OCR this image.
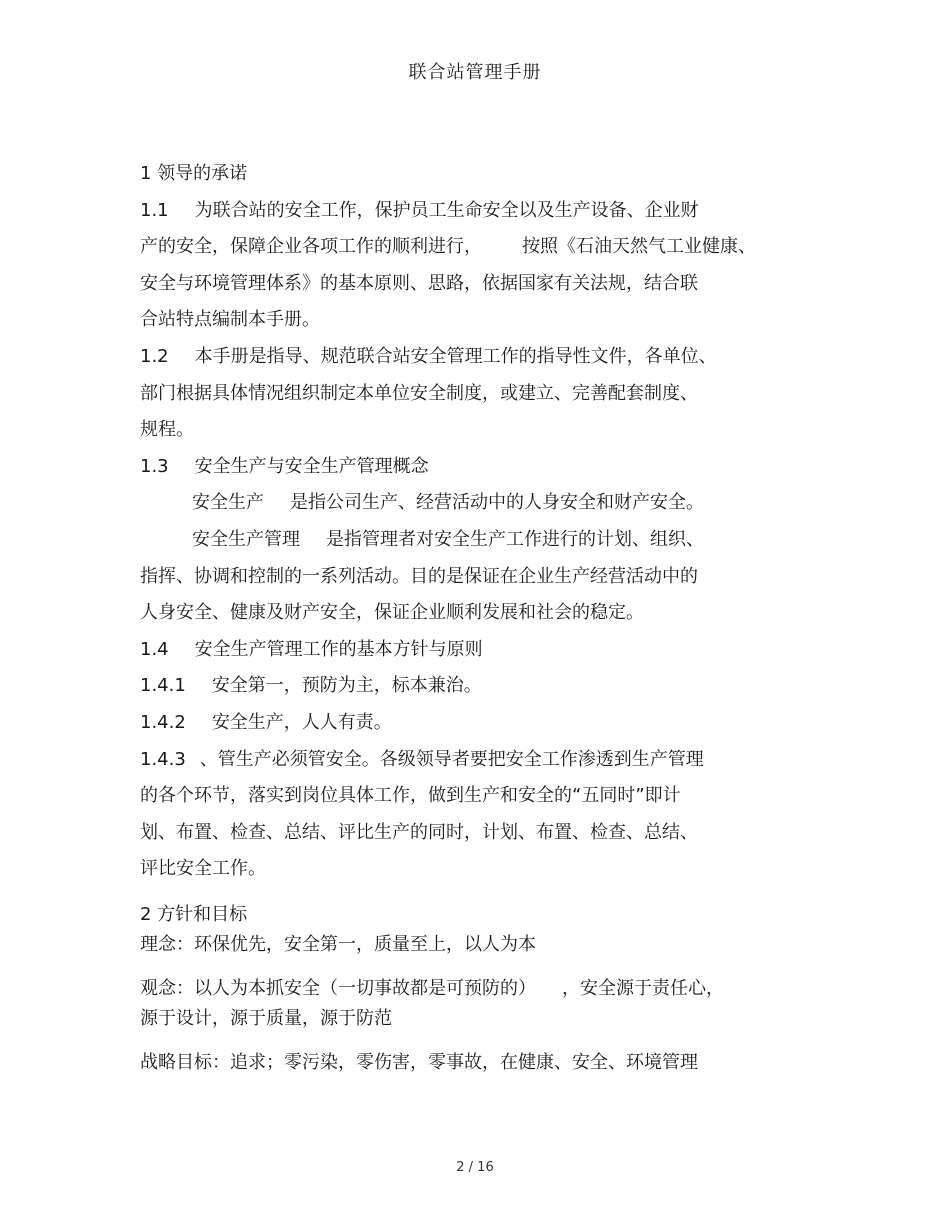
联合站管理手册
1 领导的承诺
1.1 为联合站的安全工作，保护员工生命安全以及生产设备、企业财
产的安全，保障企业各项工作的顺利进行， 按照《石油天然气工业健康、
安全与环境管理体系》的基本原则、思路，依据国家有关法规，结合联
合站特点编制本手册。
1.2 本手册是指导、规范联合站安全管理工作的指导性文件，各单位、
部门根据具体情况组织制定本单位安全制度，或建立、完善配套制度、
规程。
1.3 安全生产与安全生产管理概念
安全生产 是指公司生产、经营活动中的人身安全和财产安全。
安全生产管理 是指管理者对安全生产工作进行的计划、组织、
指挥、协调和控制的一系列活动。目的是保证在企业生产经营活动中的
人身安全、健康及财产安全，保证企业顺利发展和社会的稳定。
1.4 安全生产管理工作的基本方针与原则
1.4.1 安全第一，预防为主，标本兼治。
1.4.2 安全生产，人人有责。
1.4.3 、管生产必须管安全。各级领导者要把安全工作渗透到生产管理
的各个环节，落实到岗位具体工作，做到生产和安全的“五同时”即计
划、布置、检查、总结、评比生产的同时，计划、布置、检查、总结、
评比安全工作。
2 方针和目标
理念：环保优先，安全第一，质量至上，以人为本
观念：以人为本抓安全（一切事故都是可预防的） ，安全源于责任心，
源于设计，源于质量，源于防范
战略目标：追求；零污染，零伤害，零事故，在健康、安全、环境管理
2 / 16
